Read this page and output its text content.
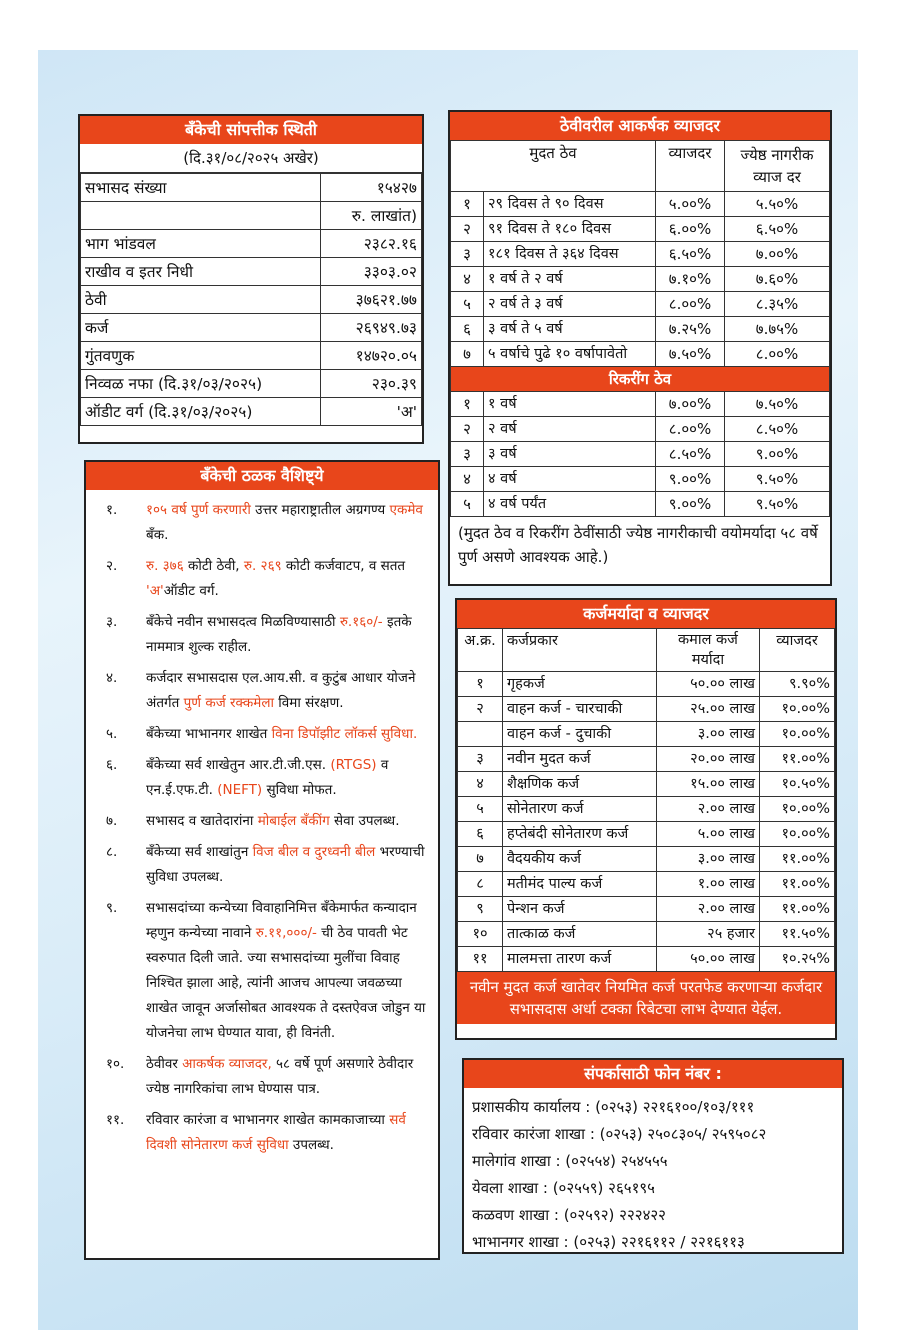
बँकेची सांपत्तीक स्थिती
(दि.३१/०८/२०२५ अखेर)
सभासद संख्या	१५४२७
	रु. लाखांत)
भाग भांडवल	२३८२.१६
राखीव व इतर निधी	३३०३.०२
ठेवी	३७६२१.७७
कर्ज	२६९४९.७३
गुंतवणुक	१४७२०.०५
निव्वळ नफा (दि.३१/०३/२०२५)	२३०.३९
ऑडीट वर्ग (दि.३१/०३/२०२५)	'अ'
बँकेची ठळक वैशिष्ट्ये
१.	१०५ वर्ष पुर्ण करणारी उत्तर महाराष्ट्रातील अग्रगण्य एकमेव बँक.
२.	रु. ३७६ कोटी ठेवी, रु. २६९ कोटी कर्जवाटप, व सतत 'अ'ऑडीट वर्ग.
३.	बँकेचे नवीन सभासदत्व मिळविण्यासाठी रु.१६०/- इतके नाममात्र शुल्क राहील.
४.	कर्जदार सभासदास एल.आय.सी. व कुटुंब आधार योजने अंतर्गत पुर्ण कर्ज रक्कमेला विमा संरक्षण.
५.	बँकेच्या भाभानगर शाखेत विना डिपॉझीट लॉकर्स सुविधा.
६.	बँकेच्या सर्व शाखेतुन आर.टी.जी.एस. (RTGS) व एन.ई.एफ.टी. (NEFT) सुविधा मोफत.
७.	सभासद व खातेदारांना मोबाईल बँकींग सेवा उपलब्ध.
८.	बँकेच्या सर्व शाखांतुन विज बील व दुरध्वनी बील भरण्याची सुविधा उपलब्ध.
९.	सभासदांच्या कन्येच्या विवाहानिमित्त बँकेमार्फत कन्यादान म्हणुन कन्येच्या नावाने रु.११,०००/- ची ठेव पावती भेट स्वरुपात दिली जाते. ज्या सभासदांच्या मुलींचा विवाह निश्चित झाला आहे, त्यांनी आजच आपल्या जवळच्या शाखेत जावून अर्जासोबत आवश्यक ते दस्तऐवज जोडुन या योजनेचा लाभ घेण्यात यावा, ही विनंती.
१०.	ठेवीवर आकर्षक व्याजदर, ५८ वर्षे पूर्ण असणारे ठेवीदार ज्येष्ठ नागरिकांचा लाभ घेण्यास पात्र.
११.	रविवार कारंजा व भाभानगर शाखेत कामकाजाच्या सर्व दिवशी सोनेतारण कर्ज सुविधा उपलब्ध.
ठेवीवरील आकर्षक व्याजदर
मुदत ठेव		व्याजदर	ज्येष्ठ नागरीक व्याज दर
१	२९ दिवस ते ९० दिवस	५.००%	५.५०%
२	९१ दिवस ते १८० दिवस	६.००%	६.५०%
३	१८१ दिवस ते ३६४ दिवस	६.५०%	७.००%
४	१ वर्ष ते २ वर्ष	७.१०%	७.६०%
५	२ वर्ष ते ३ वर्ष	८.००%	८.३५%
६	३ वर्ष ते ५ वर्ष	७.२५%	७.७५%
७	५ वर्षाचे पुढे १० वर्षापावेतो	७.५०%	८.००%
रिकरींग ठेव			
१	१ वर्ष	७.००%	७.५०%
२	२ वर्ष	८.००%	८.५०%
३	३ वर्ष	८.५०%	९.००%
४	४ वर्ष	९.००%	९.५०%
५	४ वर्ष पर्यंत	९.००%	९.५०%
(मुदत ठेव व रिकरींग ठेवींसाठी ज्येष्ठ नागरीकाची वयोमर्यादा ५८ वर्षे पुर्ण असणे आवश्यक आहे.)
कर्जमर्यादा व व्याजदर
अ.क्र.	कर्जप्रकार	कमाल कर्ज मर्यादा	व्याजदर
१	गृहकर्ज	५०.०० लाख	९.९०%
२	वाहन कर्ज - चारचाकी	२५.०० लाख	१०.००%
	वाहन कर्ज - दुचाकी	३.०० लाख	१०.००%
३	नवीन मुदत कर्ज	२०.०० लाख	११.००%
४	शैक्षणिक कर्ज	१५.०० लाख	१०.५०%
५	सोनेतारण कर्ज	२.०० लाख	१०.००%
६	हप्तेबंदी सोनेतारण कर्ज	५.०० लाख	१०.००%
७	वैदयकीय कर्ज	३.०० लाख	११.००%
८	मतीमंद पाल्य कर्ज	१.०० लाख	११.००%
९	पेन्शन कर्ज	२.०० लाख	११.००%
१०	तात्काळ कर्ज	२५ हजार	११.५०%
११	मालमत्ता तारण कर्ज	५०.०० लाख	१०.२५%
नवीन मुदत कर्ज खातेवर नियमित कर्ज परतफेड करणाऱ्या कर्जदार सभासदास अर्धा टक्का रिबेटचा लाभ देण्यात येईल.
संपर्कासाठी फोन नंबर :
प्रशासकीय कार्यालय : (०२५३) २२१६१००/१०३/१११
रविवार कारंजा शाखा : (०२५३) २५०८३०५/ २५९५०८२
मालेगांव शाखा : (०२५५४) २५४५५५
येवला शाखा : (०२५५९) २६५१९५
कळवण शाखा : (०२५९२) २२२४२२
भाभानगर शाखा : (०२५३) २२१६११२ / २२१६११३
